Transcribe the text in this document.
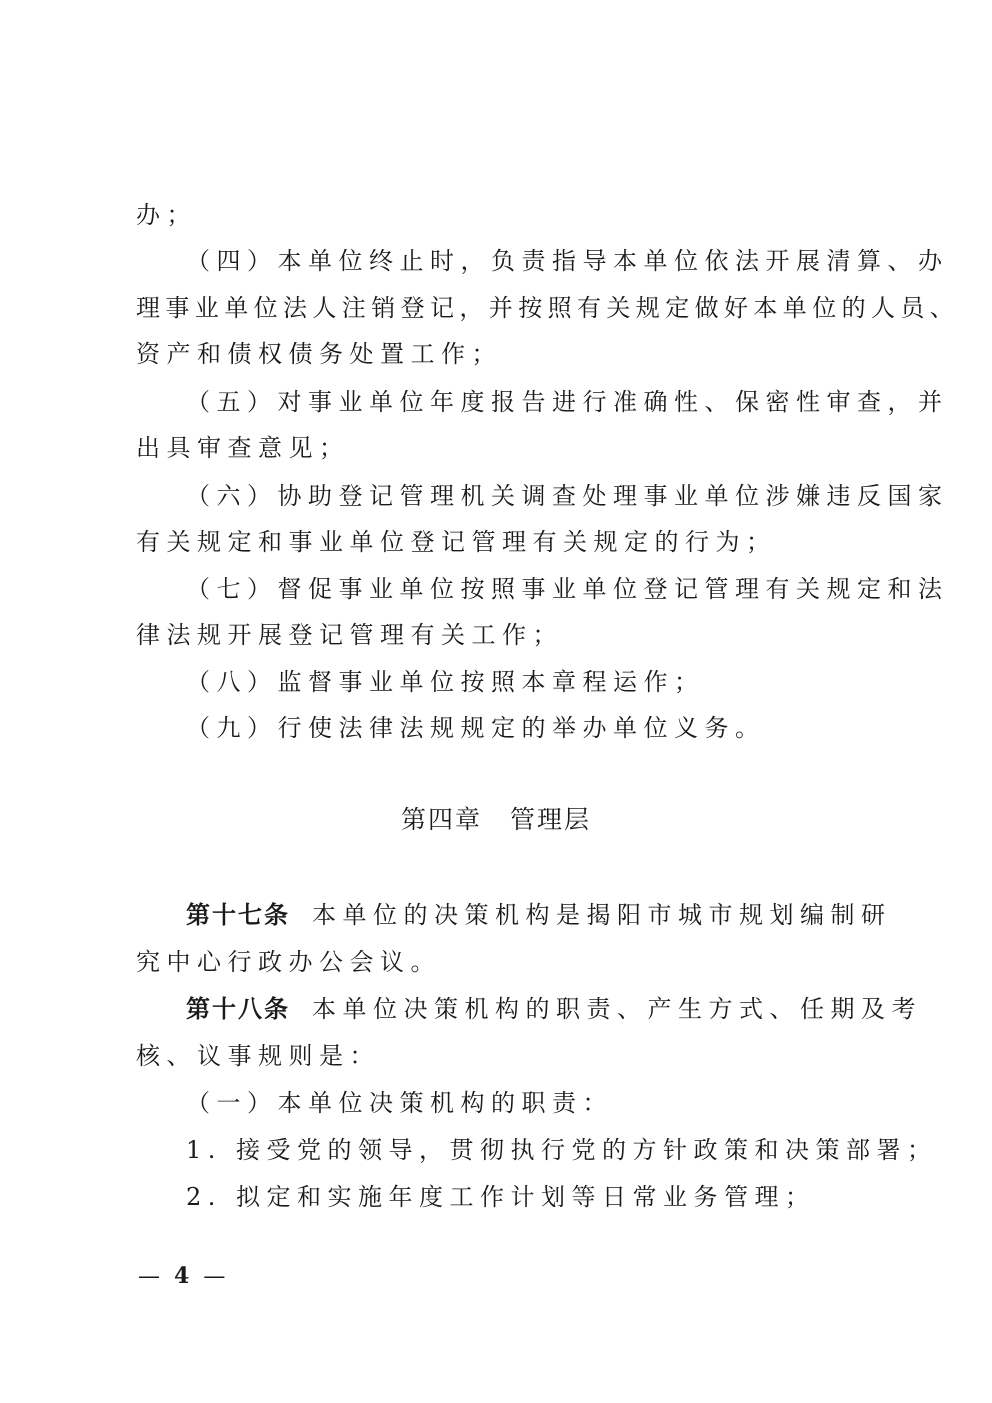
办；
（四）本单位终止时，负责指导本单位依法开展清算、办
理事业单位法人注销登记，并按照有关规定做好本单位的人员、
资产和债权债务处置工作；
（五）对事业单位年度报告进行准确性、保密性审查，并
出具审查意见；
（六）协助登记管理机关调查处理事业单位涉嫌违反国家
有关规定和事业单位登记管理有关规定的行为；
（七）督促事业单位按照事业单位登记管理有关规定和法
律法规开展登记管理有关工作；
（八）监督事业单位按照本章程运作；
（九）行使法律法规规定的举办单位义务。
第四章 管理层
第十七条 本单位的决策机构是揭阳市城市规划编制研
究中心行政办公会议。
第十八条 本单位决策机构的职责、产生方式、任期及考
核、议事规则是：
（一）本单位决策机构的职责：
1. 接受党的领导，贯彻执行党的方针政策和决策部署；
2. 拟定和实施年度工作计划等日常业务管理；
— 4 —
